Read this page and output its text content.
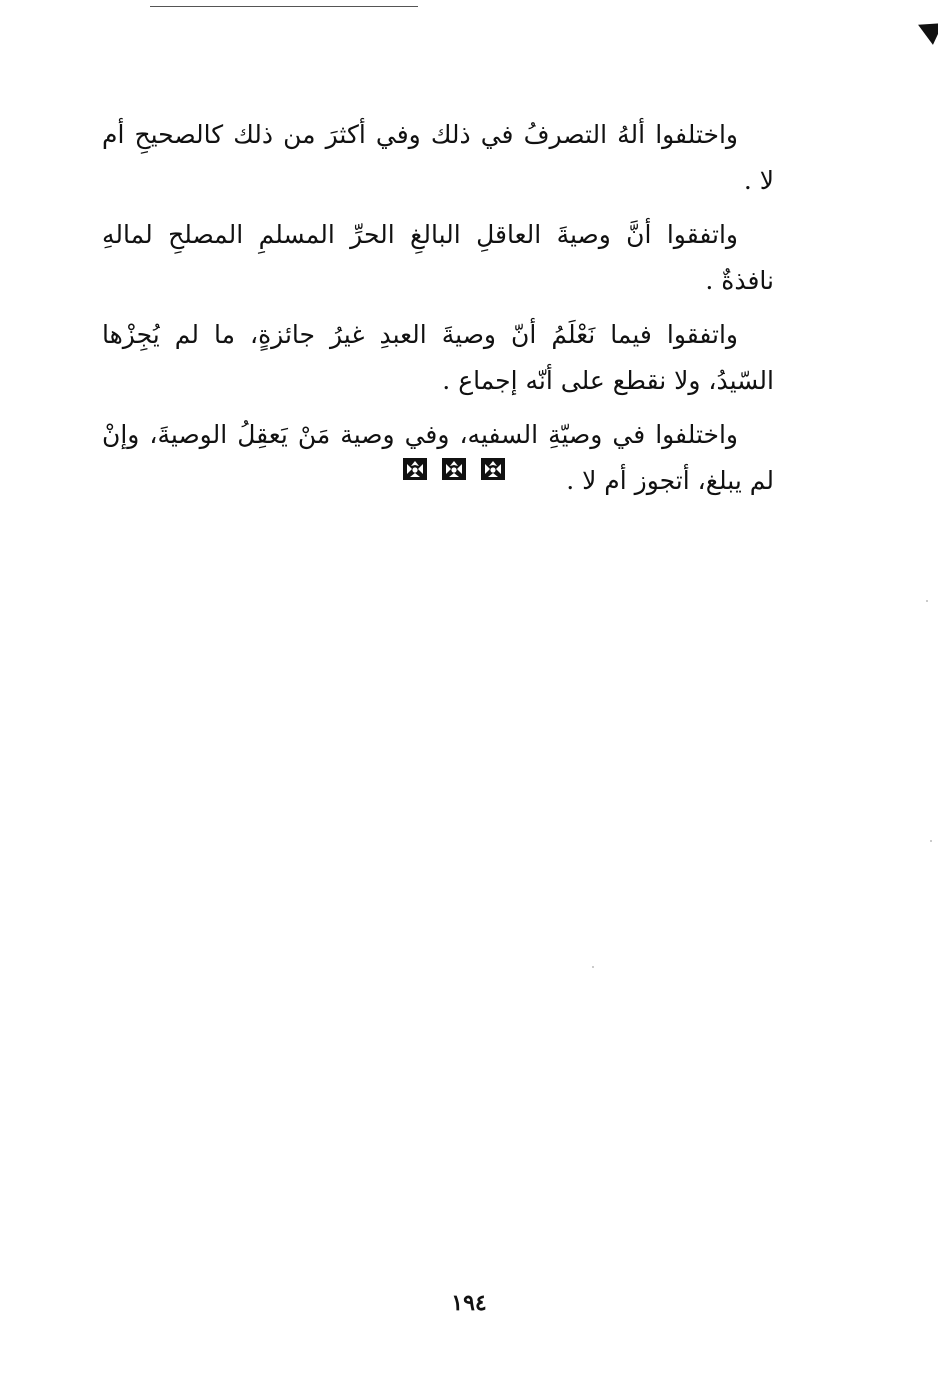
واختلفوا ألهُ التصرفُ في ذلك وفي أكثرَ من ذلك كالصحيحِ أم لا .

واتفقوا أنَّ وصيةَ العاقلِ البالغِ الحرِّ المسلمِ المصلحِ لمالهِ نافذةٌ .

واتفقوا فيما نَعْلَمُ أنّ وصيةَ العبدِ غيرُ جائزةٍ، ما لم يُجِزْها السّيدُ، ولا نقطع على أنّه إجماع .

واختلفوا في وصيّةِ السفيه، وفي وصية مَنْ يَعقِلُ الوصيةَ، وإنْ لم يبلغ، أتجوز أم لا .

١٩٤
